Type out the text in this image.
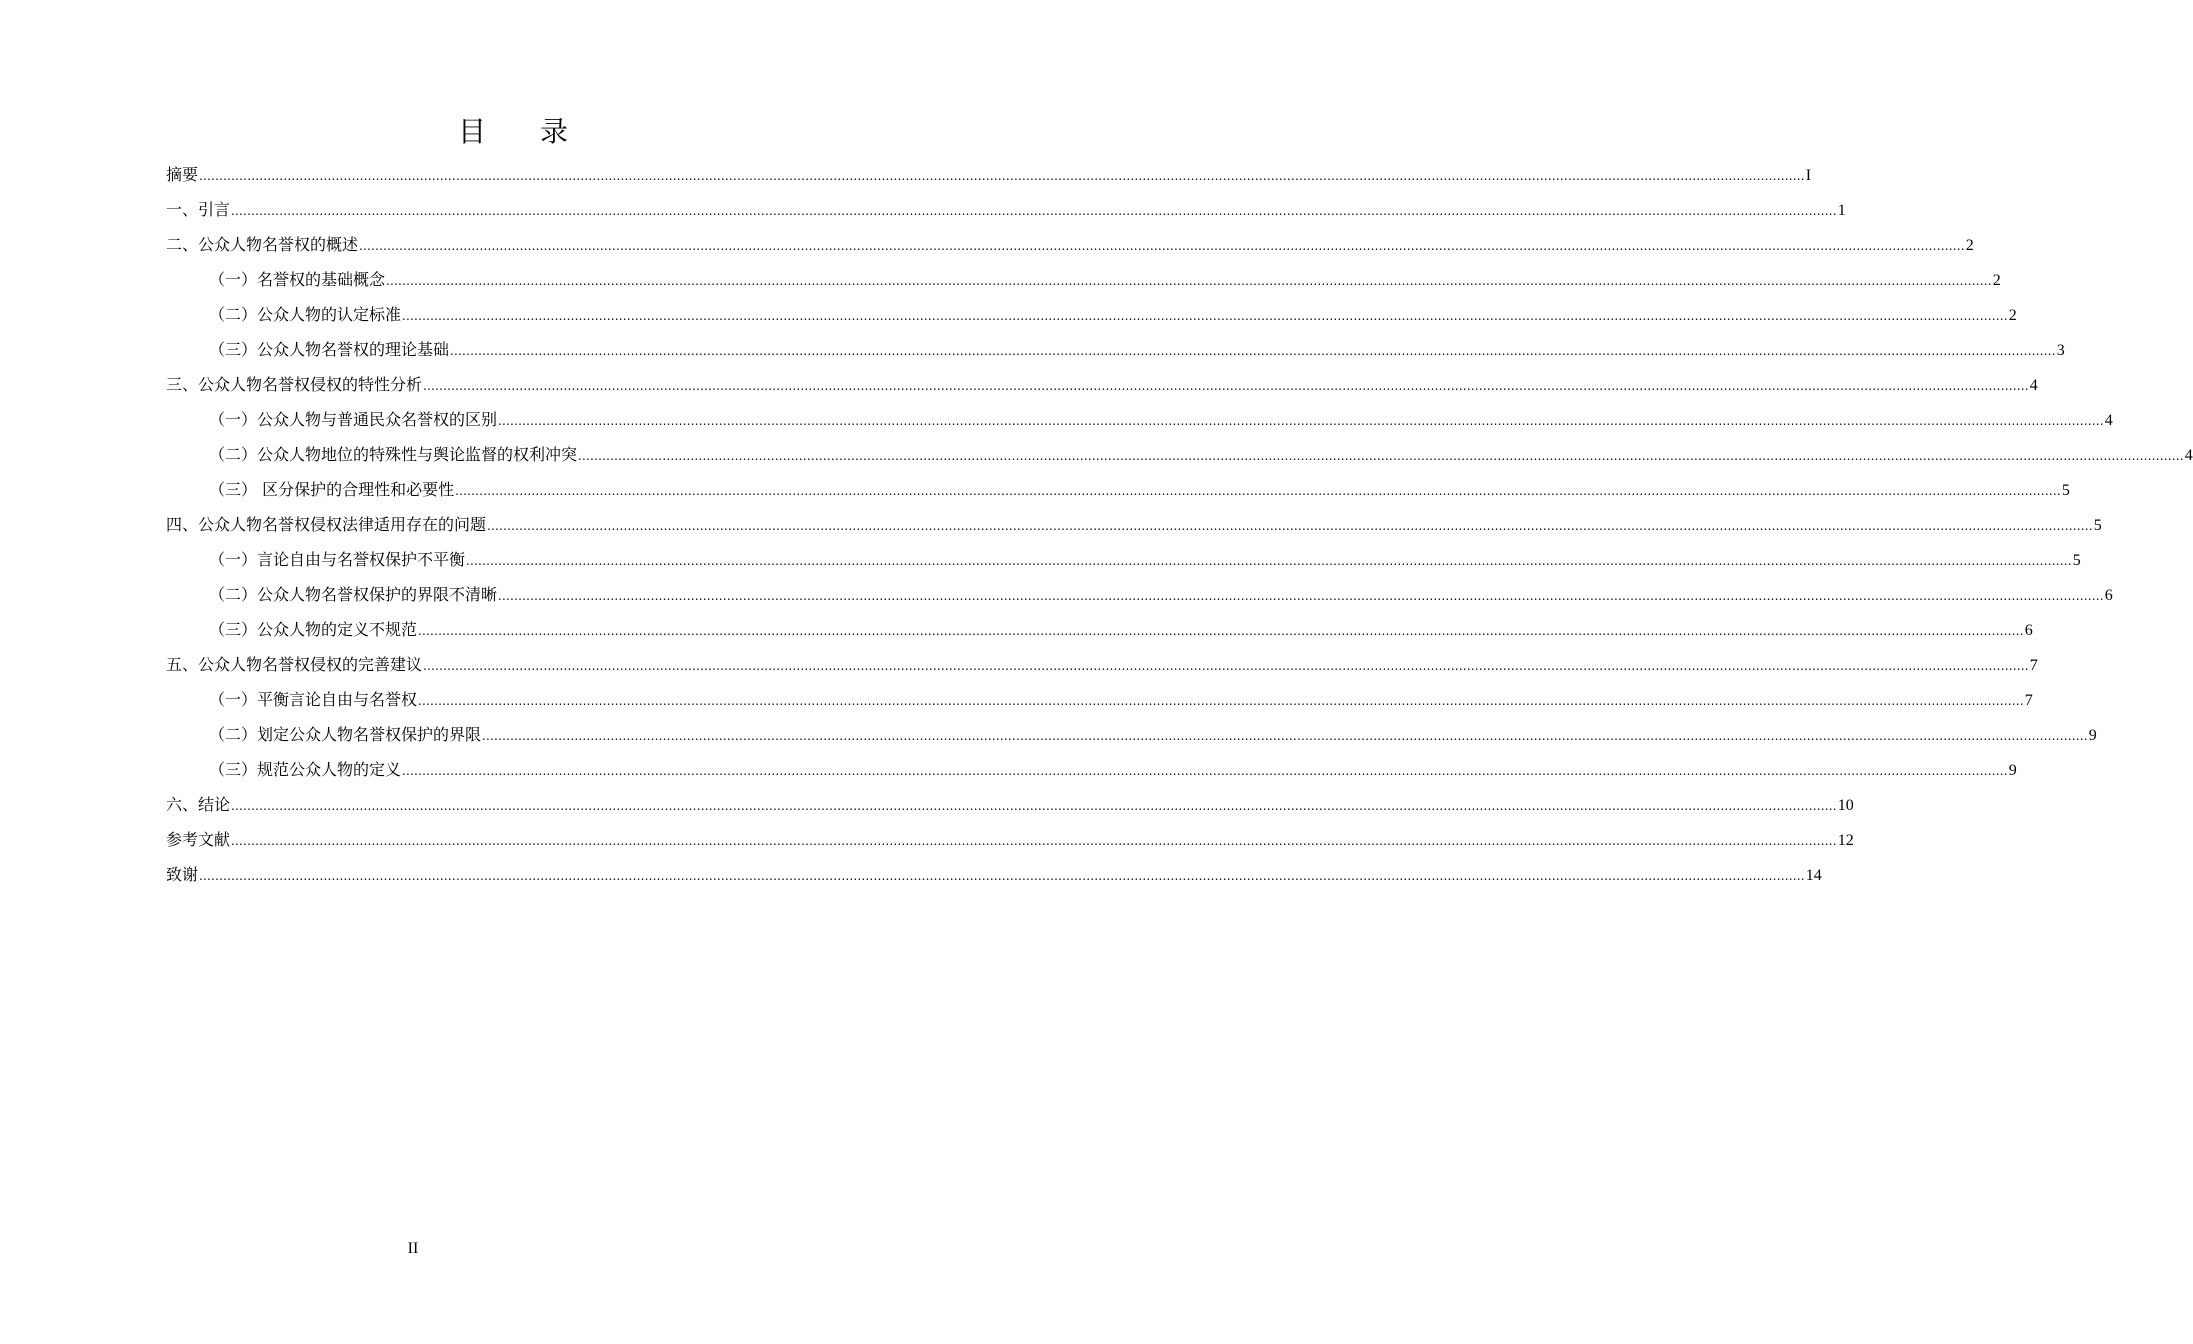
目 录
摘要 ................................................................................................................................................................................................................................................................................................................................................................................................................ I
一、引言 ................................................................................................................................................................................................................................................................................................................................................................................................................ 1
二、公众人物名誉权的概述 ................................................................................................................................................................................................................................................................................................................................................................................................................ 2
（一）名誉权的基础概念 ................................................................................................................................................................................................................................................................................................................................................................................................................ 2
（二）公众人物的认定标准 ................................................................................................................................................................................................................................................................................................................................................................................................................ 2
（三）公众人物名誉权的理论基础 ................................................................................................................................................................................................................................................................................................................................................................................................................ 3
三、公众人物名誉权侵权的特性分析 ................................................................................................................................................................................................................................................................................................................................................................................................................ 4
（一）公众人物与普通民众名誉权的区别 ................................................................................................................................................................................................................................................................................................................................................................................................................ 4
（二）公众人物地位的特殊性与舆论监督的权利冲突 ................................................................................................................................................................................................................................................................................................................................................................................................................ 4
（三） 区分保护的合理性和必要性 ................................................................................................................................................................................................................................................................................................................................................................................................................ 5
四、公众人物名誉权侵权法律适用存在的问题 ................................................................................................................................................................................................................................................................................................................................................................................................................ 5
（一）言论自由与名誉权保护不平衡 ................................................................................................................................................................................................................................................................................................................................................................................................................ 5
（二）公众人物名誉权保护的界限不清晰 ................................................................................................................................................................................................................................................................................................................................................................................................................ 6
（三）公众人物的定义不规范 ................................................................................................................................................................................................................................................................................................................................................................................................................ 6
五、公众人物名誉权侵权的完善建议 ................................................................................................................................................................................................................................................................................................................................................................................................................ 7
（一）平衡言论自由与名誉权 ................................................................................................................................................................................................................................................................................................................................................................................................................ 7
（二）划定公众人物名誉权保护的界限 ................................................................................................................................................................................................................................................................................................................................................................................................................ 9
（三）规范公众人物的定义 ................................................................................................................................................................................................................................................................................................................................................................................................................ 9
六、结论 ................................................................................................................................................................................................................................................................................................................................................................................................................ 10
参考文献 ................................................................................................................................................................................................................................................................................................................................................................................................................ 12
致谢 ................................................................................................................................................................................................................................................................................................................................................................................................................ 14
II
